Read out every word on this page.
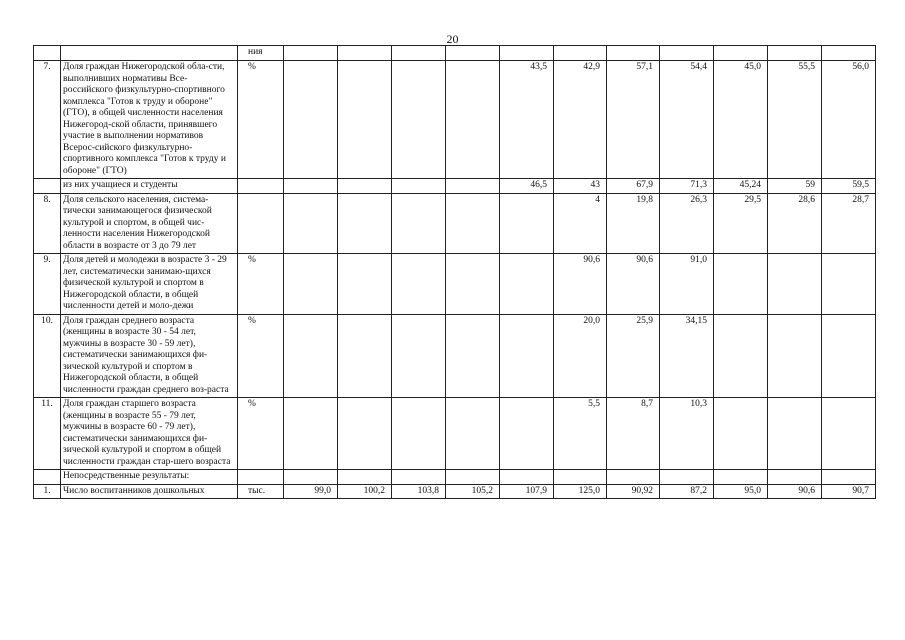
20
		ния											
7.	Доля граждан Нижегородской обла-сти, выполнивших нормативы Все-российского физкультурно-спортивного комплекса "Готов к труду и обороне" (ГТО), в общей численности населения Нижегород-ской области, принявшего участие в выполнении нормативов Всерос-сийского физкультурно-спортивного комплекса "Готов к труду и обороне" (ГТО)	%					43,5	42,9	57,1	54,4	45,0	55,5	56,0
	из них учащиеся и студенты						46,5	43	67,9	71,3	45,24	59	59,5
8.	Доля сельского населения, система-тически занимающегося физической культурой и спортом, в общей чис-ленности населения Нижегородской области в возрасте от 3 до 79 лет							4	19,8	26,3	29,5	28,6	28,7
9.	Доля детей и молодежи в возрасте 3 - 29 лет, систематически занимаю-щихся физической культурой и спортом в Нижегородской области, в общей численности детей и моло-дежи	%						90,6	90,6	91,0			
10.	Доля граждан среднего возраста (женщины в возрасте 30 - 54 лет, мужчины в возрасте 30 - 59 лет), систематически занимающихся фи-зической культурой и спортом в Нижегородской области, в общей численности граждан среднего воз-раста	%						20,0	25,9	34,15			
11.	Доля граждан старшего возраста (женщины в возрасте 55 - 79 лет, мужчины в возрасте 60 - 79 лет), систематически занимающихся фи-зической культурой и спортом в общей численности граждан стар-шего возраста	%						5,5	8,7	10,3			
	Непосредственные результаты:												
1.	Число воспитанников дошкольных	тыс.	99,0	100,2	103,8	105,2	107,9	125,0	90,92	87,2	95,0	90,6	90,7
